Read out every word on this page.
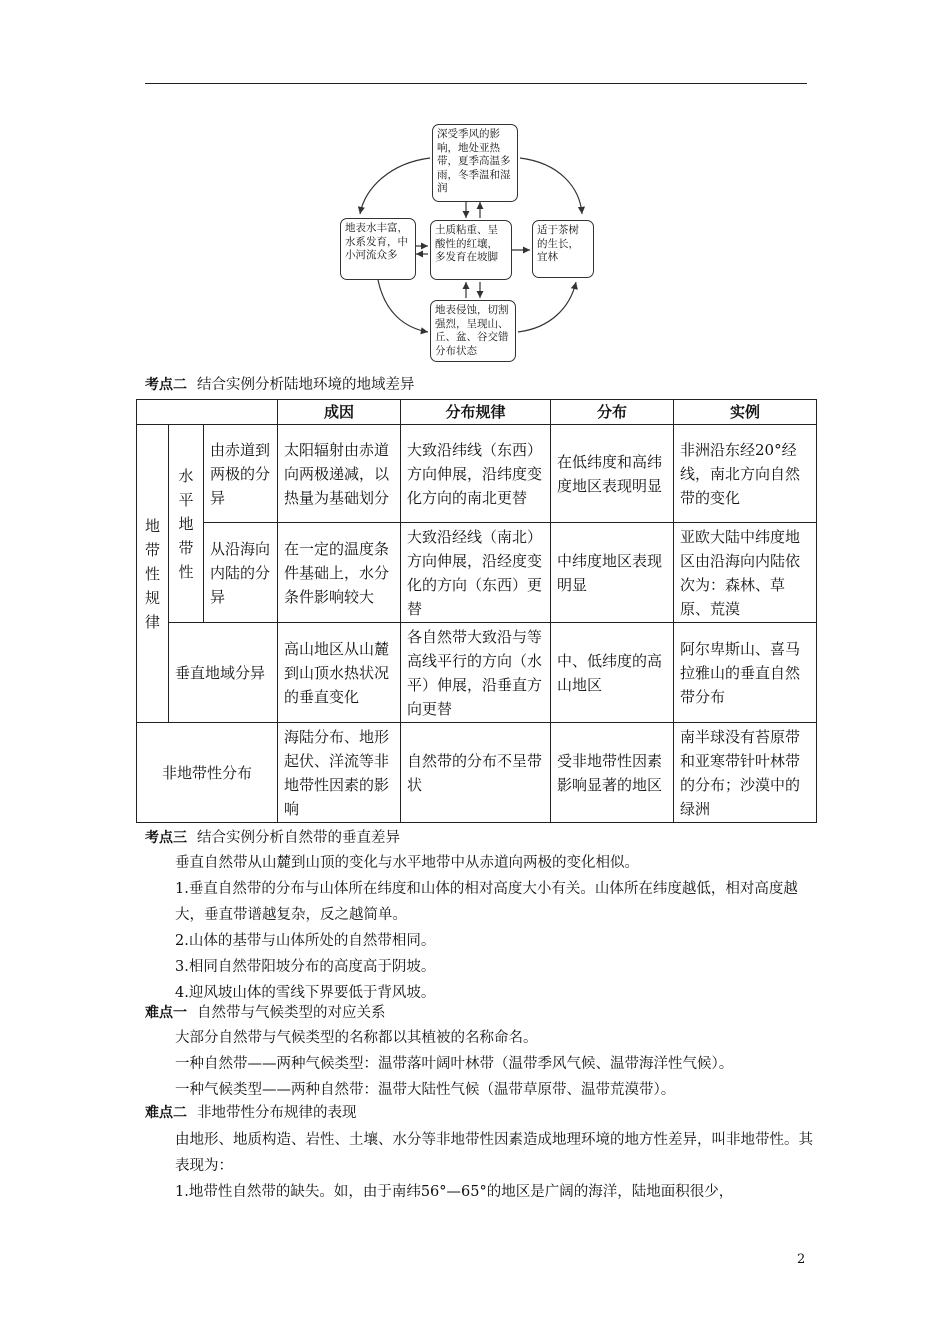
深受季风的影响，地处亚热带，夏季高温多雨，冬季温和湿润
地表水丰富，水系发育，中小河流众多
土质粘重、呈酸性的红壤，多发育在坡脚
适于茶树的生长，宜林
地表侵蚀，切割强烈，呈现山、丘、盆、谷交错分布状态
考点二 结合实例分析陆地环境的地域差异
			成因	分布规律	分布	实例
地带性规律	水平地带性	由赤道到两极的分异	太阳辐射由赤道向两极递减，以热量为基础划分	大致沿纬线（东西）方向伸展，沿纬度变化方向的南北更替	在低纬度和高纬度地区表现明显	非洲沿东经20°经线，南北方向自然带的变化
		从沿海向内陆的分异	在一定的温度条件基础上，水分条件影响较大	大致沿经线（南北）方向伸展，沿经度变化的方向（东西）更替	中纬度地区表现明显	亚欧大陆中纬度地区由沿海向内陆依次为：森林、草原、荒漠
	垂直地域分异		高山地区从山麓到山顶水热状况的垂直变化	各自然带大致沿与等高线平行的方向（水平）伸展，沿垂直方向更替	中、低纬度的高山地区	阿尔卑斯山、喜马拉雅山的垂直自然带分布
非地带性分布			海陆分布、地形起伏、洋流等非地带性因素的影响	自然带的分布不呈带状	受非地带性因素影响显著的地区	南半球没有苔原带和亚寒带针叶林带的分布；沙漠中的绿洲
考点三 结合实例分析自然带的垂直差异
垂直自然带从山麓到山顶的变化与水平地带中从赤道向两极的变化相似。
1.垂直自然带的分布与山体所在纬度和山体的相对高度大小有关。山体所在纬度越低，相对高度越大，垂直带谱越复杂，反之越简单。
2.山体的基带与山体所处的自然带相同。
3.相同自然带阳坡分布的高度高于阴坡。
4.迎风坡山体的雪线下界要低于背风坡。
难点一 自然带与气候类型的对应关系
大部分自然带与气候类型的名称都以其植被的名称命名。
一种自然带——两种气候类型：温带落叶阔叶林带（温带季风气候、温带海洋性气候）。
一种气候类型——两种自然带：温带大陆性气候（温带草原带、温带荒漠带）。
难点二 非地带性分布规律的表现
由地形、地质构造、岩性、土壤、水分等非地带性因素造成地理环境的地方性差异，叫非地带性。其表现为：
1.地带性自然带的缺失。如，由于南纬56°—65°的地区是广阔的海洋，陆地面积很少，
2
